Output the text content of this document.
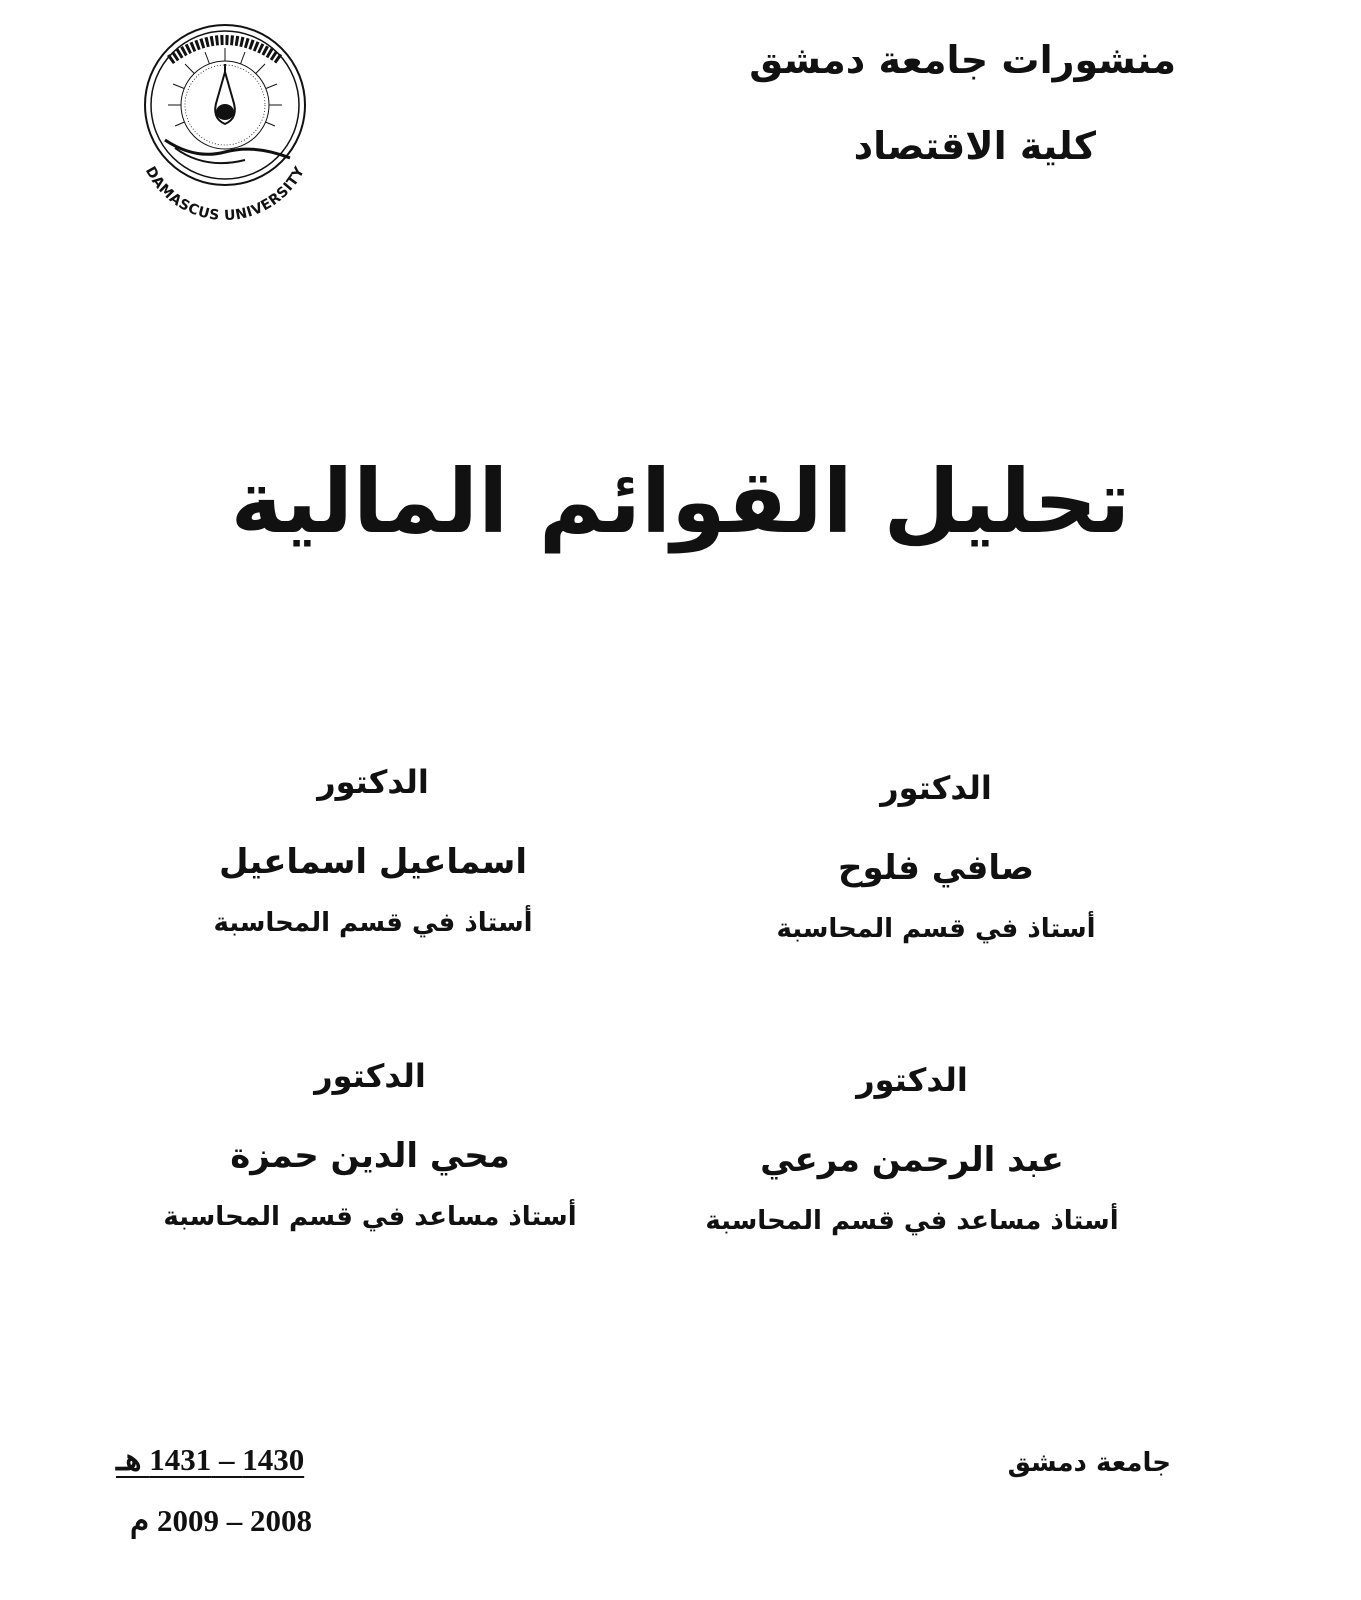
منشورات جامعة دمشق
كلية الاقتصاد
DAMASCUS UNIVERSITY
تحليل القوائم المالية
الدكتور
صافي فلوح
أستاذ في قسم المحاسبة
الدكتور
اسماعيل اسماعيل
أستاذ في قسم المحاسبة
الدكتور
عبد الرحمن مرعي
أستاذ مساعد في قسم المحاسبة
الدكتور
محي الدين حمزة
أستاذ مساعد في قسم المحاسبة
جامعة دمشق
1430 – 1431 هـ
2008 – 2009 م
